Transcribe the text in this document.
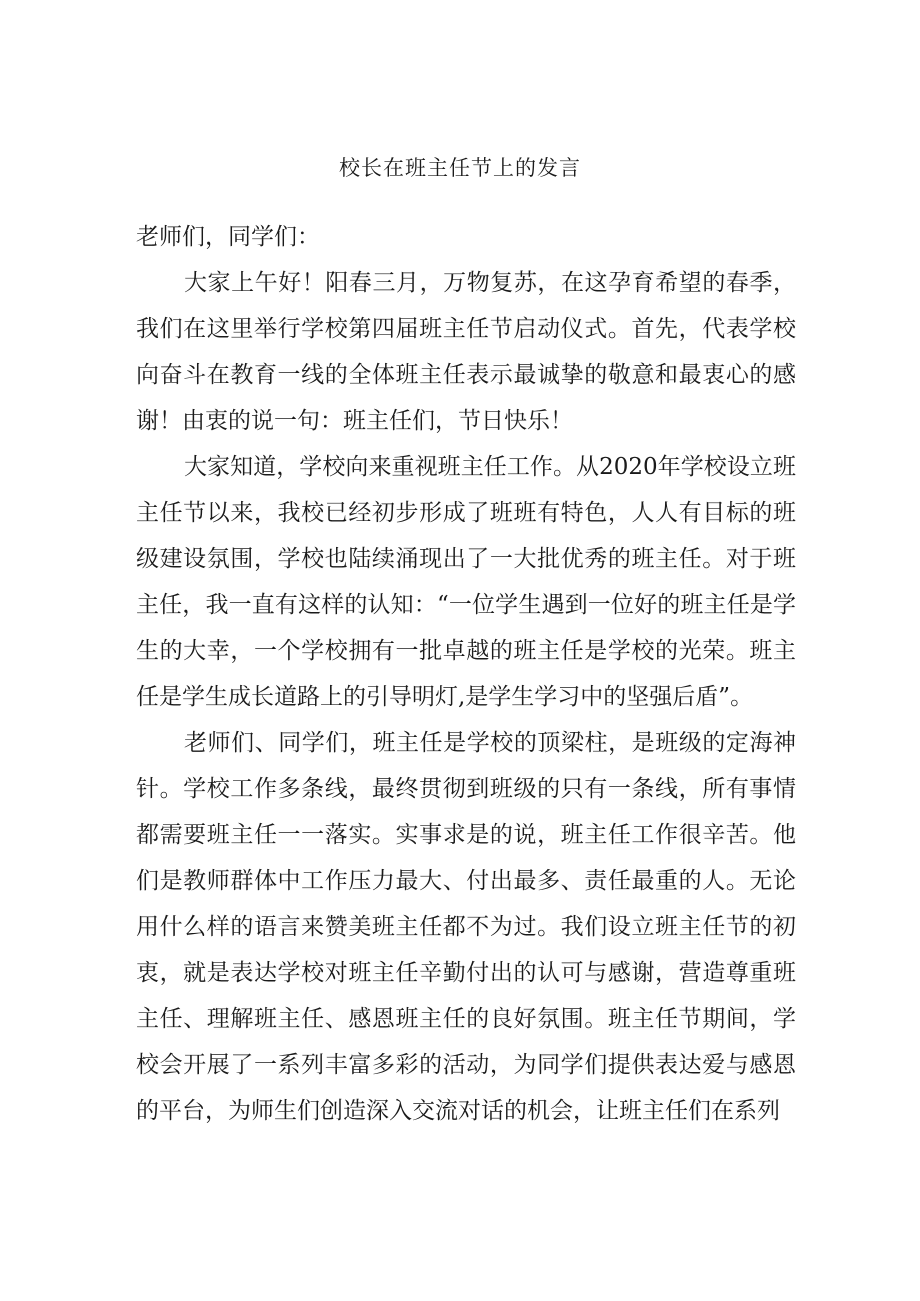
校长在班主任节上的发言

老师们，同学们：

大家上午好！阳春三月，万物复苏，在这孕育希望的春季，我们在这里举行学校第四届班主任节启动仪式。首先，代表学校向奋斗在教育一线的全体班主任表示最诚挚的敬意和最衷心的感谢！由衷的说一句：班主任们，节日快乐！

大家知道，学校向来重视班主任工作。从2020年学校设立班主任节以来，我校已经初步形成了班班有特色，人人有目标的班级建设氛围，学校也陆续涌现出了一大批优秀的班主任。对于班主任，我一直有这样的认知：“一位学生遇到一位好的班主任是学生的大幸，一个学校拥有一批卓越的班主任是学校的光荣。班主任是学生成长道路上的引导明灯,是学生学习中的坚强后盾”。

老师们、同学们，班主任是学校的顶梁柱，是班级的定海神针。学校工作多条线，最终贯彻到班级的只有一条线，所有事情都需要班主任一一落实。实事求是的说，班主任工作很辛苦。他们是教师群体中工作压力最大、付出最多、责任最重的人。无论用什么样的语言来赞美班主任都不为过。我们设立班主任节的初衷，就是表达学校对班主任辛勤付出的认可与感谢，营造尊重班主任、理解班主任、感恩班主任的良好氛围。班主任节期间，学校会开展了一系列丰富多彩的活动，为同学们提供表达爱与感恩的平台，为师生们创造深入交流对话的机会，让班主任们在系列
